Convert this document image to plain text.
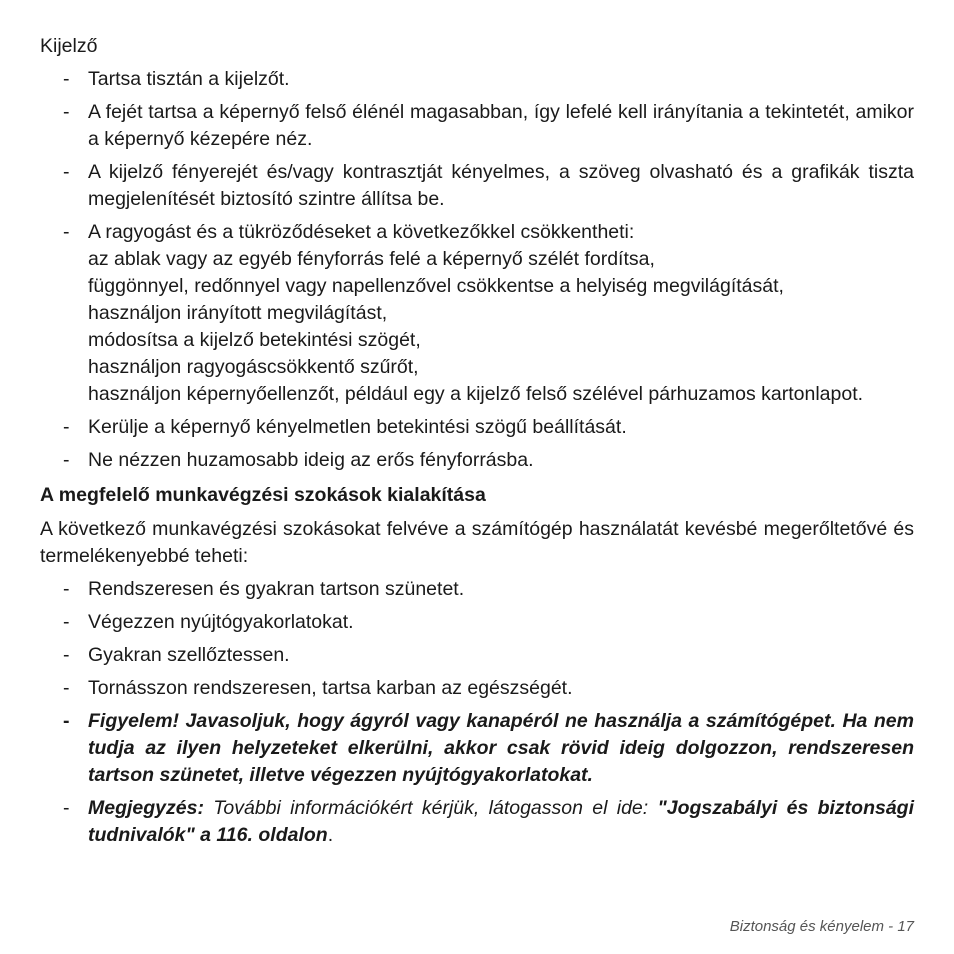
Kijelző
- Tartsa tisztán a kijelzőt.
- A fejét tartsa a képernyő felső élénél magasabban, így lefelé kell irányítania a tekintetét, amikor a képernyő kézepére néz.
- A kijelző fényerejét és/vagy kontrasztját kényelmes, a szöveg olvasható és a grafikák tiszta megjelenítését biztosító szintre állítsa be.
- A ragyogást és a tükröződéseket a következőkkel csökkentheti:
az ablak vagy az egyéb fényforrás felé a képernyő szélét fordítsa,
függönnyel, redőnnyel vagy napellenzővel csökkentse a helyiség megvilágítását,
használjon irányított megvilágítást,
módosítsa a kijelző betekintési szögét,
használjon ragyogáscsökkentő szűrőt,
használjon képernyőellenzőt, például egy a kijelző felső szélével párhuzamos kartonlapot.
- Kerülje a képernyő kényelmetlen betekintési szögű beállítását.
- Ne nézzen huzamosabb ideig az erős fényforrásba.
A megfelelő munkavégzési szokások kialakítása
A következő munkavégzési szokásokat felvéve a számítógép használatát kevésbé megerőltetővé és termelékenyebbé teheti:
- Rendszeresen és gyakran tartson szünetet.
- Végezzen nyújtógyakorlatokat.
- Gyakran szellőztessen.
- Tornásszon rendszeresen, tartsa karban az egészségét.
- Figyelem! Javasoljuk, hogy ágyról vagy kanapéról ne használja a számítógépet. Ha nem tudja az ilyen helyzeteket elkerülni, akkor csak rövid ideig dolgozzon, rendszeresen tartson szünetet, illetve végezzen nyújtógyakorlatokat.
- Megjegyzés: További információkért kérjük, látogasson el ide: "Jogszabályi és biztonsági tudnivalók" a 116. oldalon.
Biztonság és kényelem - 17
